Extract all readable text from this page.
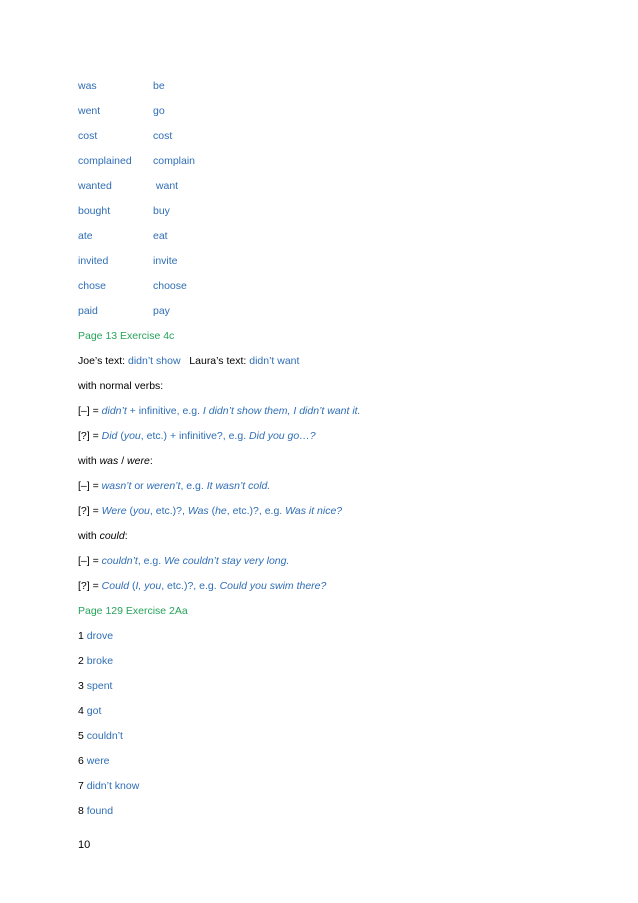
was	be
went	go
cost	cost
complained complain
wanted	want
bought	buy
ate	eat
invited	invite
chose	choose
paid	pay
Page 13 Exercise 4c
Joe’s text: didn’t show Laura’s text: didn’t want
with normal verbs:
[–] = didn’t + infinitive, e.g. I didn’t show them, I didn’t want it.
[?] = Did (you, etc.) + infinitive?, e.g. Did you go…?
with was / were:
[–] = wasn’t or weren’t, e.g. It wasn’t cold.
[?] = Were (you, etc.)?, Was (he, etc.)?, e.g. Was it nice?
with could:
[–] = couldn’t, e.g. We couldn’t stay very long.
[?] = Could (I, you, etc.)?, e.g. Could you swim there?
Page 129 Exercise 2Aa
1 drove
2 broke
3 spent
4 got
5 couldn’t
6 were
7 didn’t know
8 found
10
